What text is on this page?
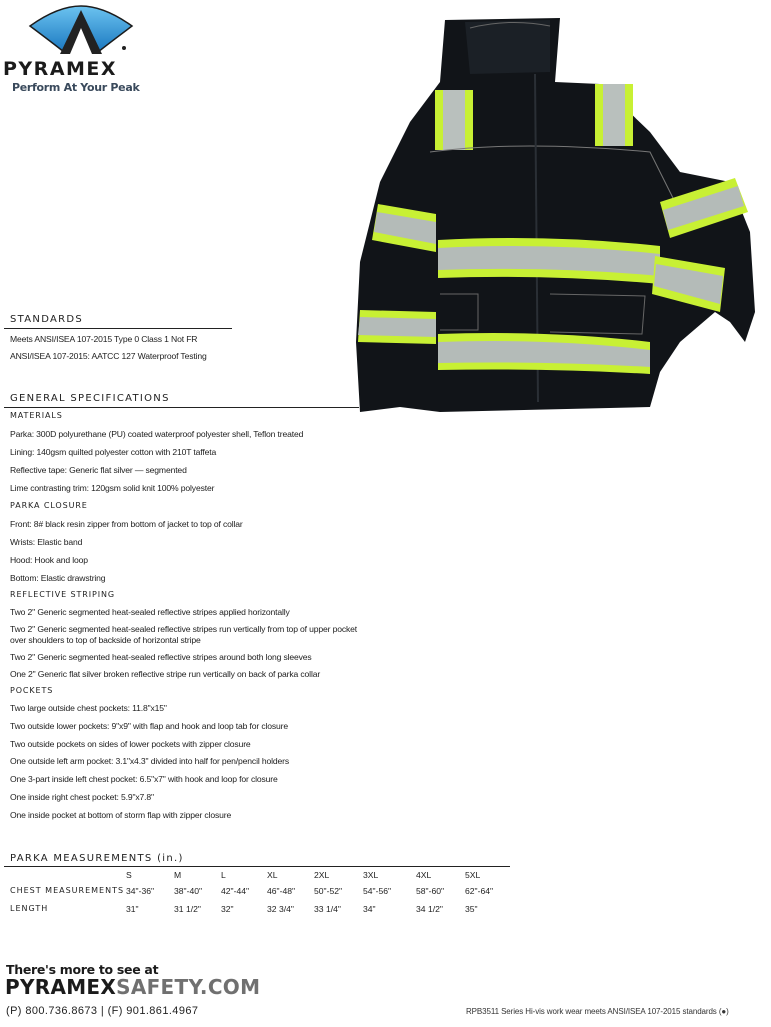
PYRAMEX
Perform At Your Peak
STANDARDS
Meets ANSI/ISEA 107-2015 Type 0 Class 1 Not FR
ANSI/ISEA 107-2015: AATCC 127 Waterproof Testing
GENERAL SPECIFICATIONS
MATERIALS
Parka: 300D polyurethane (PU) coated waterproof polyester shell, Teflon treated
Lining: 140gsm quilted polyester cotton with 210T taffeta
Reflective tape: Generic flat silver — segmented
Lime contrasting trim: 120gsm solid knit 100% polyester
PARKA CLOSURE
Front: 8# black resin zipper from bottom of jacket to top of collar
Wrists: Elastic band
Hood: Hook and loop
Bottom: Elastic drawstring
REFLECTIVE STRIPING
Two 2" Generic segmented heat-sealed reflective stripes applied horizontally
Two 2" Generic segmented heat-sealed reflective stripes run vertically from top of upper pocket over shoulders to top of backside of horizontal stripe
Two 2" Generic segmented heat-sealed reflective stripes around both long sleeves
One 2" Generic flat silver broken reflective stripe run vertically on back of parka collar
POCKETS
Two large outside chest pockets: 11.8"x15"
Two outside lower pockets: 9"x9" with flap and hook and loop tab for closure
Two outside pockets on sides of lower pockets with zipper closure
One outside left arm pocket: 3.1"x4.3" divided into half for pen/pencil holders
One 3-part inside left chest pocket: 6.5"x7" with hook and loop for closure
One inside right chest pocket: 5.9"x7.8"
One inside pocket at bottom of storm flap with zipper closure
PARKA MEASUREMENTS (in.)
S	M	L	XL	2XL	3XL	4XL	5XL
CHEST MEASUREMENTS 34"-36" 38"-40" 42"-44" 46"-48" 50"-52" 54"-56"	58"-60" 62"-64"
LENGTH	31"	31 1/2" 32"	32 3/4" 33 1/4"	34"	34 1/2"	35"
There's more to see at
PYRAMEXSAFETY.COM
(P) 800.736.8673 | (F) 901.861.4967	RPB3511 Series Hi-vis work wear meets ANSI/ISEA 107-2015 standards (●)
